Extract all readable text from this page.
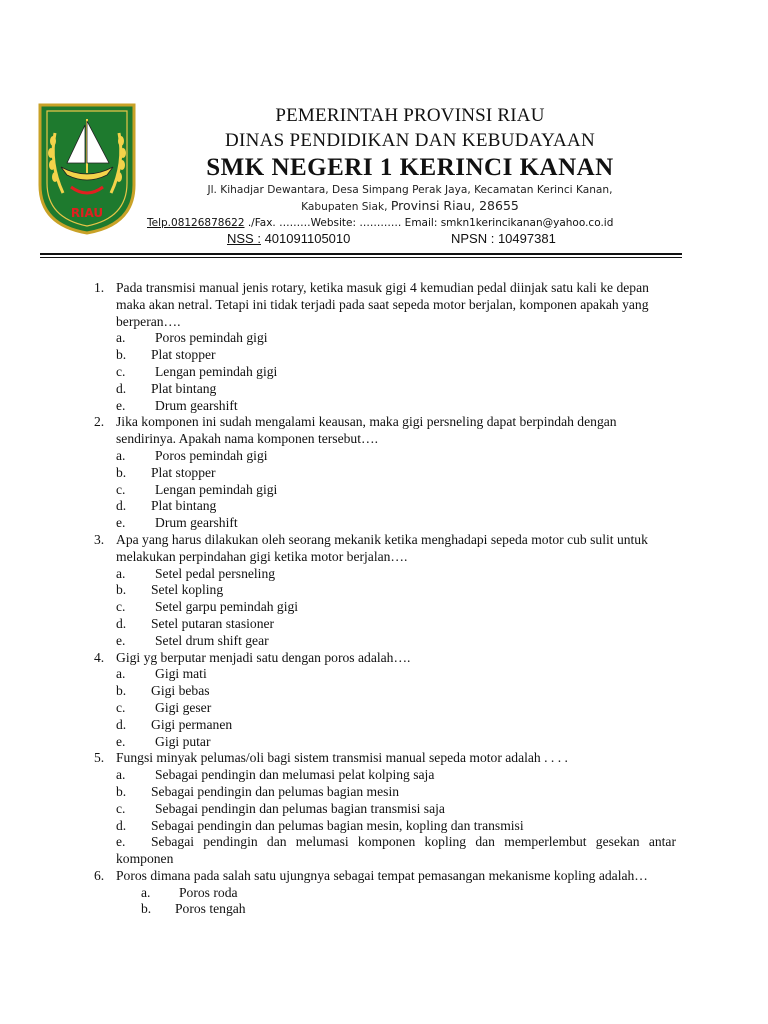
RIAU
PEMERINTAH PROVINSI RIAU
DINAS PENDIDIKAN DAN KEBUDAYAAN
SMK NEGERI 1 KERINCI KANAN
Jl. Kihadjar Dewantara, Desa Simpang Perak Jaya, Kecamatan Kerinci Kanan,
Kabupaten Siak, Provinsi Riau, 28655
Telp.08126878622 ./Fax. ………Website: ………… Email: smkn1kerincikanan@yahoo.co.id
NSS : 401091105010	NPSN : 10497381
1. Pada transmisi manual jenis rotary, ketika masuk gigi 4 kemudian pedal diinjak satu kali ke depan maka akan netral. Tetapi ini tidak terjadi pada saat sepeda motor berjalan, komponen apakah yang berperan….
a. Poros pemindah gigi
b. Plat stopper
c. Lengan pemindah gigi
d. Plat bintang
e. Drum gearshift
2. Jika komponen ini sudah mengalami keausan, maka gigi persneling dapat berpindah dengan sendirinya. Apakah nama komponen tersebut….
a. Poros pemindah gigi
b. Plat stopper
c. Lengan pemindah gigi
d. Plat bintang
e. Drum gearshift
3. Apa yang harus dilakukan oleh seorang mekanik ketika menghadapi sepeda motor cub sulit untuk melakukan perpindahan gigi ketika motor berjalan….
a. Setel pedal persneling
b. Setel kopling
c. Setel garpu pemindah gigi
d. Setel putaran stasioner
e. Setel drum shift gear
4. Gigi yg berputar menjadi satu dengan poros adalah….
a. Gigi mati
b. Gigi bebas
c. Gigi geser
d. Gigi permanen
e. Gigi putar
5. Fungsi minyak pelumas/oli bagi sistem transmisi manual sepeda motor adalah . . . .
a. Sebagai pendingin dan melumasi pelat kolping saja
b. Sebagai pendingin dan pelumas bagian mesin
c. Sebagai pendingin dan pelumas bagian transmisi saja
d. Sebagai pendingin dan pelumas bagian mesin, kopling dan transmisi
e. Sebagai pendingin dan melumasi komponen kopling dan memperlembut gesekan antar komponen
6. Poros dimana pada salah satu ujungnya sebagai tempat pemasangan mekanisme kopling adalah…
a. Poros roda
b. Poros tengah
